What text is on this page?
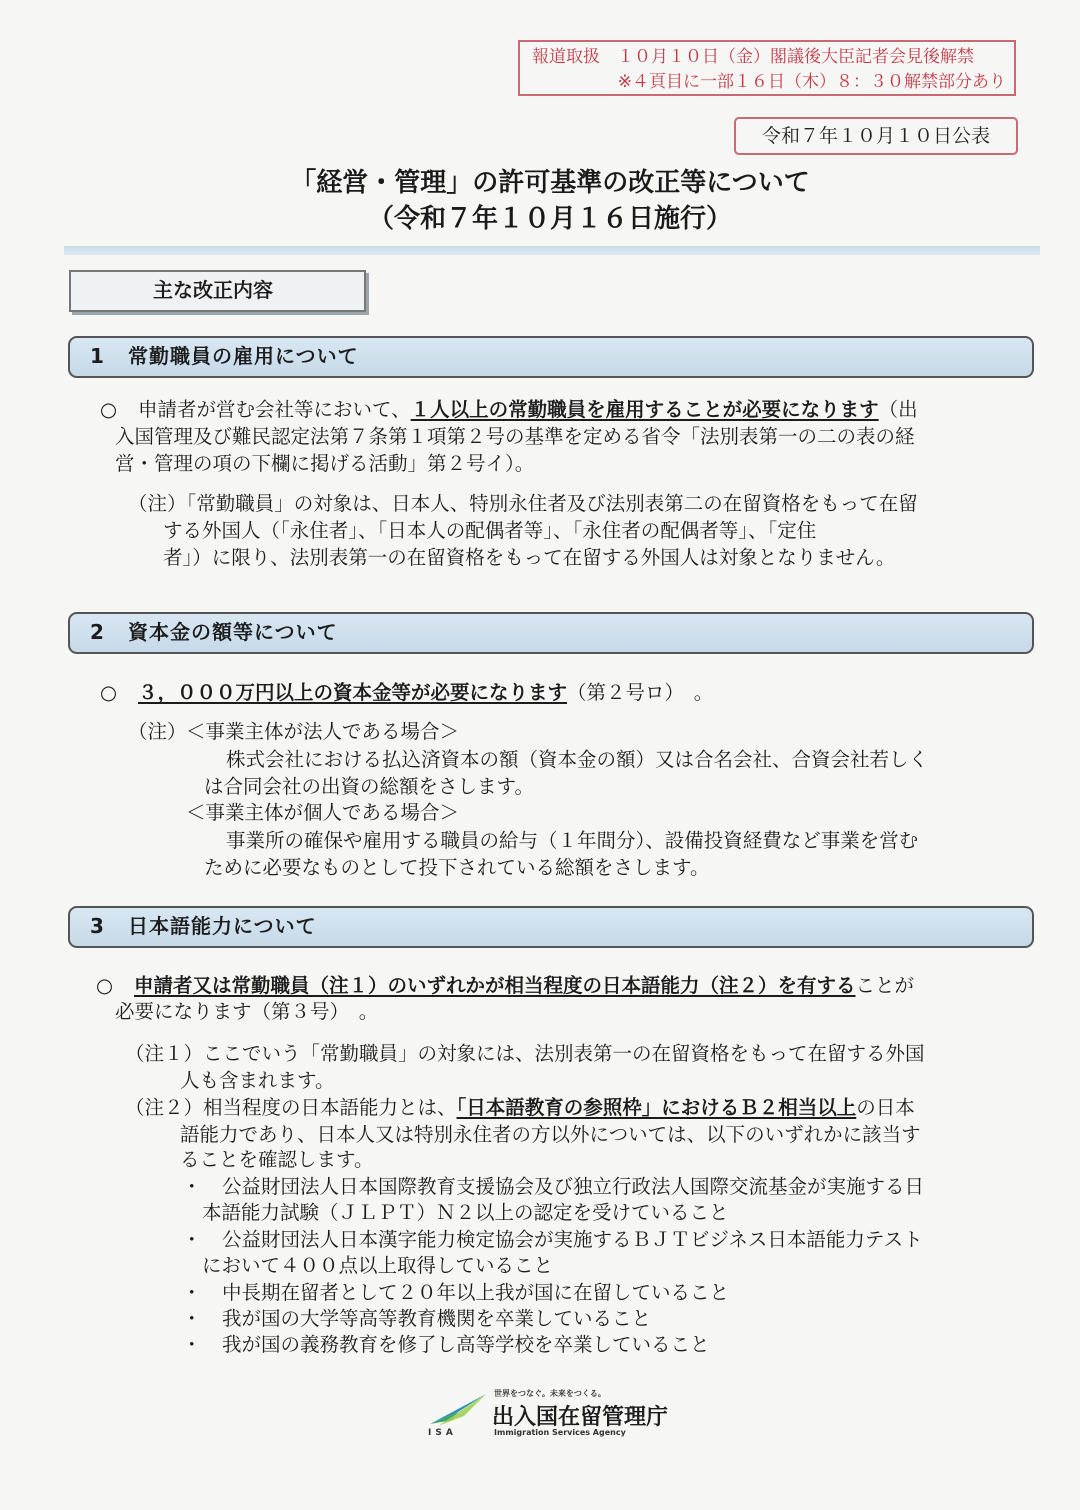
報道取扱　１０月１０日（金）閣議後大臣記者会見後解禁
※４頁目に一部１６日（木）８：３０解禁部分あり
令和７年１０月１０日公表
「経営・管理」の許可基準の改正等について
（令和７年１０月１６日施行）
主な改正内容
1 常勤職員の雇用について
○ 申請者が営む会社等において、１人以上の常勤職員を雇用することが必要になります（出
入国管理及び難民認定法第７条第１項第２号の基準を定める省令「法別表第一の二の表の経
営・管理の項の下欄に掲げる活動」第２号イ）。
（注）「常勤職員」の対象は、日本人、特別永住者及び法別表第二の在留資格をもって在留
する外国人（「永住者」、「日本人の配偶者等」、「永住者の配偶者等」、「定住
者」）に限り、法別表第一の在留資格をもって在留する外国人は対象となりません。
2 資本金の額等について
○ ３，０００万円以上の資本金等が必要になります（第２号ロ）　。
（注） ＜事業主体が法人である場合＞
株式会社における払込済資本の額（資本金の額）又は合名会社、合資会社若しく
は合同会社の出資の総額をさします。
＜事業主体が個人である場合＞
事業所の確保や雇用する職員の給与（１年間分）、設備投資経費など事業を営む
ために必要なものとして投下されている総額をさします。
3 日本語能力について
○ 申請者又は常勤職員（注１）のいずれかが相当程度の日本語能力（注２）を有することが
必要になります（第３号）　。
（注１）ここでいう「常勤職員」の対象には、法別表第一の在留資格をもって在留する外国
人も含まれます。
（注２）相当程度の日本語能力とは、「日本語教育の参照枠」におけるＢ２相当以上の日本
語能力であり、日本人又は特別永住者の方以外については、以下のいずれかに該当す
ることを確認します。
・ 公益財団法人日本国際教育支援協会及び独立行政法人国際交流基金が実施する日
本語能力試験（ＪＬＰＴ）Ｎ２以上の認定を受けていること
・ 公益財団法人日本漢字能力検定協会が実施するＢＪＴビジネス日本語能力テスト
において４００点以上取得していること
・ 中長期在留者として２０年以上我が国に在留していること
・ 我が国の大学等高等教育機関を卒業していること
・ 我が国の義務教育を修了し高等学校を卒業していること
世界をつなぐ。未来をつくる。
出入国在留管理庁
Immigration Services Agency
ISA
